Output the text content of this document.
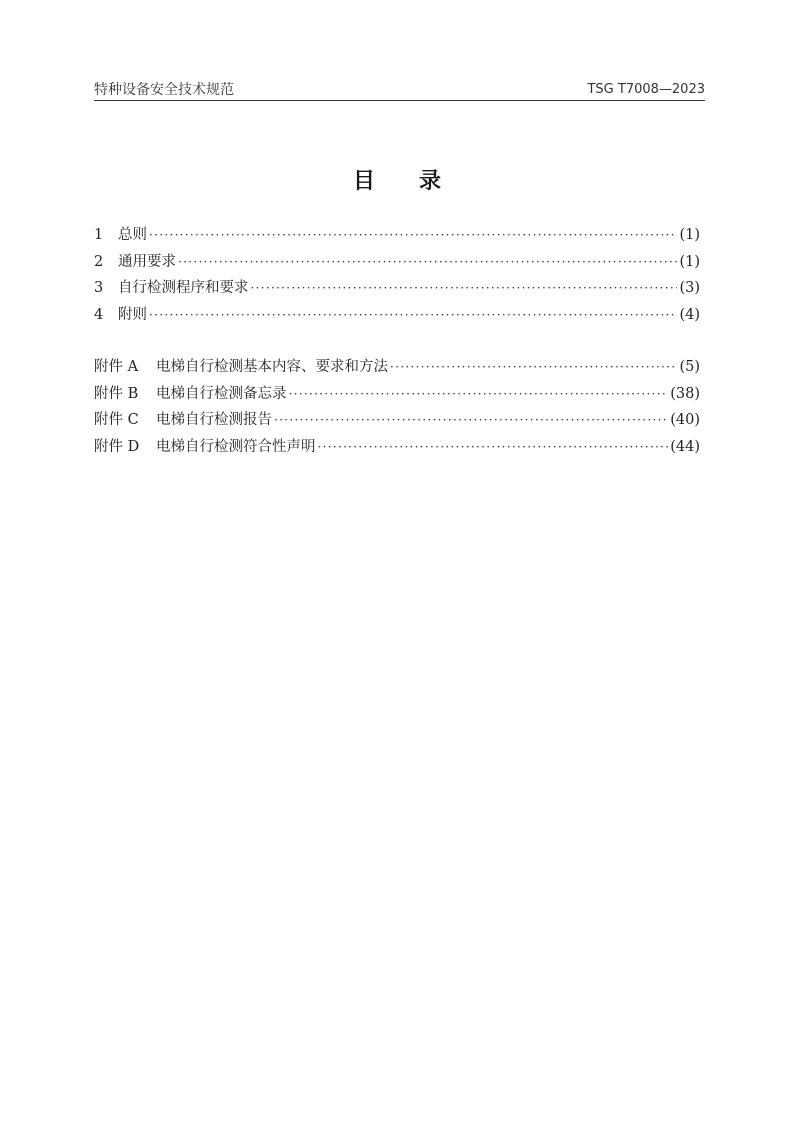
特种设备安全技术规范	TSG T7008—2023
目录
1	总则 ·····	(1)
2	通用要求 ·····	(1)
3	自行检测程序和要求 ·····	(3)
4	附则 ·····	(4)
附件 A	电梯自行检测基本内容、要求和方法 ·····	(5)
附件 B	电梯自行检测备忘录 ·····	(38)
附件 C	电梯自行检测报告 ·····	(40)
附件 D	电梯自行检测符合性声明 ·····	(44)
